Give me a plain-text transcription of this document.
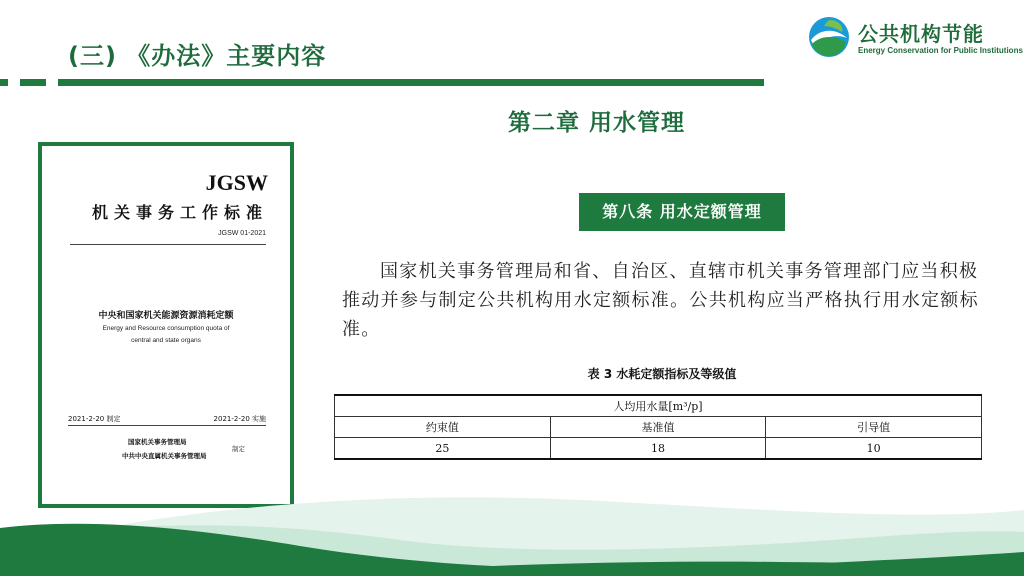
(三) 《办法》主要内容
公共机构节能
Energy Conservation for Public Institutions
第二章 用水管理
JGSW
机关事务工作标准
JGSW 01-2021
中央和国家机关能源资源消耗定额
Energy and Resource consumption quota of
central and state organs
2021-2-20 制定	2021-2-20 实施
国家机关事务管理局
中共中央直属机关事务管理局
制定
第八条 用水定额管理
国家机关事务管理局和省、自治区、直辖市机关事务管理部门应当积极推动并参与制定公共机构用水定额标准。公共机构应当严格执行用水定额标准。
表 3 水耗定额指标及等级值
人均用水量[m³/p]		
约束值	基准值	引导值
25	18	10
